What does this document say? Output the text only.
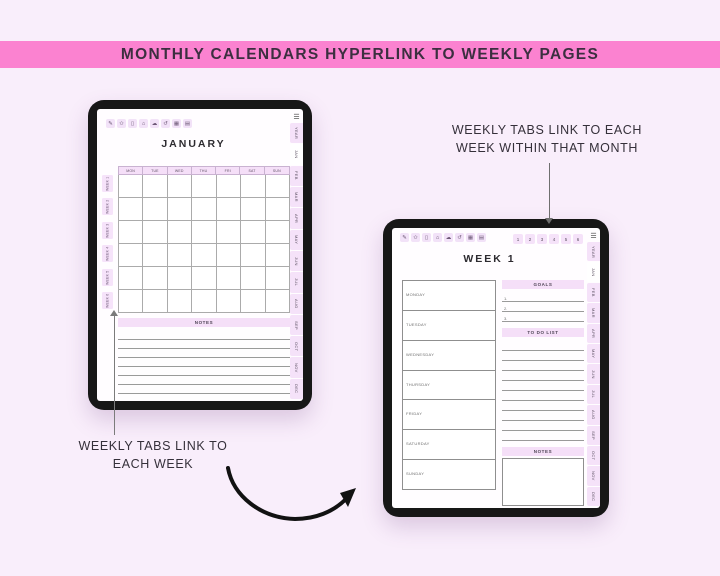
MONTHLY CALENDARS HYPERLINK TO WEEKLY PAGES
✎	✩	▯	⌂	☁	↺	▦	▤
JANUARY
WEEK 1
WEEK 2
WEEK 3
WEEK 4
WEEK 5
WEEK 6
MON	TUE	WED	THU	FRI	SAT	SUN
NOTES
☰
YEAR
JAN
FEB
MAR
APR
MAY
JUN
JUL
AUG
SEP
OCT
NOV
DEC
✎	✩	▯	⌂	☁	↺	▦	▤	1	2	3	4	5	6
WEEK 1
MONDAY
TUESDAY
WEDNESDAY
THURSDAY
FRIDAY
SATURDAY
SUNDAY
GOALS
1.
2.
3.
TO DO LIST
NOTES
☰
YEAR
JAN
FEB
MAR
APR
MAY
JUN
JUL
AUG
SEP
OCT
NOV
DEC
WEEKLY TABS LINK TO EACH
WEEK WITHIN THAT MONTH
WEEKLY TABS LINK TO
EACH WEEK
